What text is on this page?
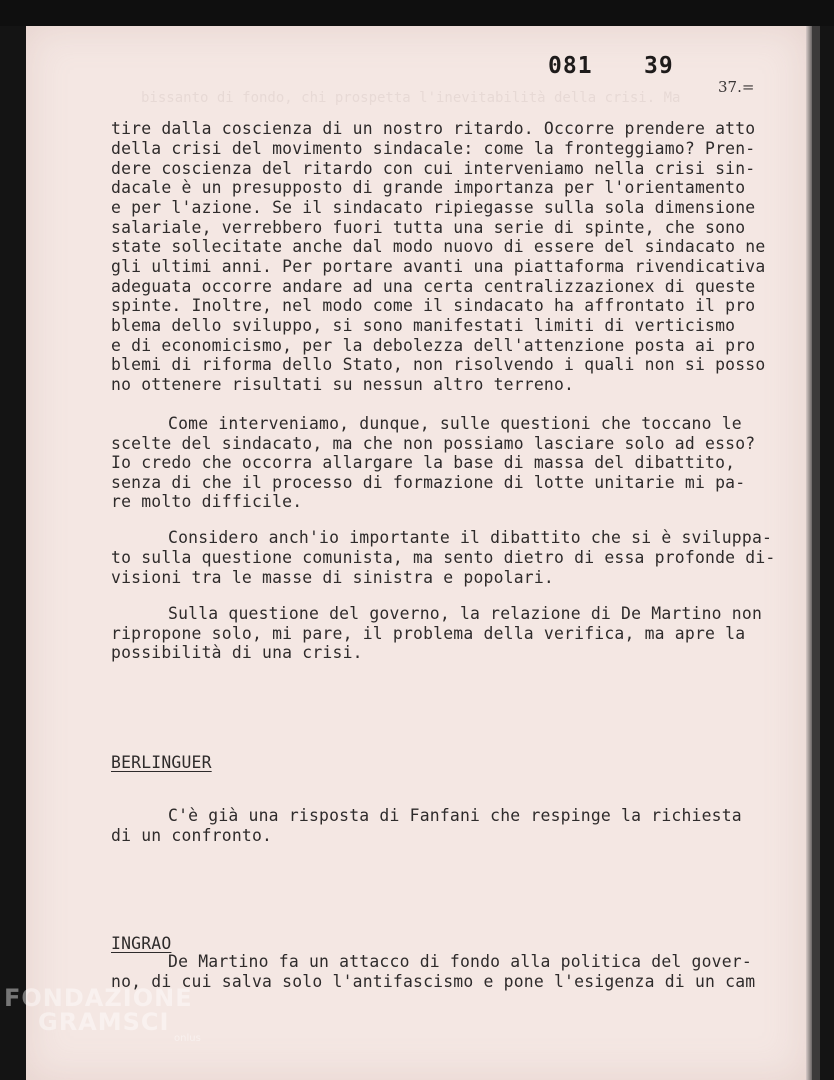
bissanto di fondo, chi prospetta l'inevitabilità della crisi. Ma
081 39
37.=
tire dalla coscienza di un nostro ritardo. Occorre prendere atto
della crisi del movimento sindacale: come la fronteggiamo? Pren-
dere coscienza del ritardo con cui interveniamo nella crisi sin-
dacale è un presupposto di grande importanza per l'orientamento
e per l'azione. Se il sindacato ripiegasse sulla sola dimensione
salariale, verrebbero fuori tutta una serie di spinte, che sono
state sollecitate anche dal modo nuovo di essere del sindacato ne
gli ultimi anni. Per portare avanti una piattaforma rivendicativa
adeguata occorre andare ad una certa centralizzazionex di queste
spinte. Inoltre, nel modo come il sindacato ha affrontato il pro
blema dello sviluppo, si sono manifestati limiti di verticismo
e di economicismo, per la debolezza dell'attenzione posta ai pro
blemi di riforma dello Stato, non risolvendo i quali non si posso
no ottenere risultati su nessun altro terreno.
Come interveniamo, dunque, sulle questioni che toccano le
scelte del sindacato, ma che non possiamo lasciare solo ad esso?
Io credo che occorra allargare la base di massa del dibattito,
senza di che il processo di formazione di lotte unitarie mi pa-
re molto difficile.
Considero anch'io importante il dibattito che si è sviluppa-
to sulla questione comunista, ma sento dietro di essa profonde di-
visioni tra le masse di sinistra e popolari.
Sulla questione del governo, la relazione di De Martino non
ripropone solo, mi pare, il problema della verifica, ma apre la
possibilità di una crisi.
BERLINGUER
C'è già una risposta di Fanfani che respinge la richiesta
di un confronto.
INGRAO
De Martino fa un attacco di fondo alla politica del gover-
no, di cui salva solo l'antifascismo e pone l'esigenza di un cam
FONDAZIONE
GRAMSCI
onlus
